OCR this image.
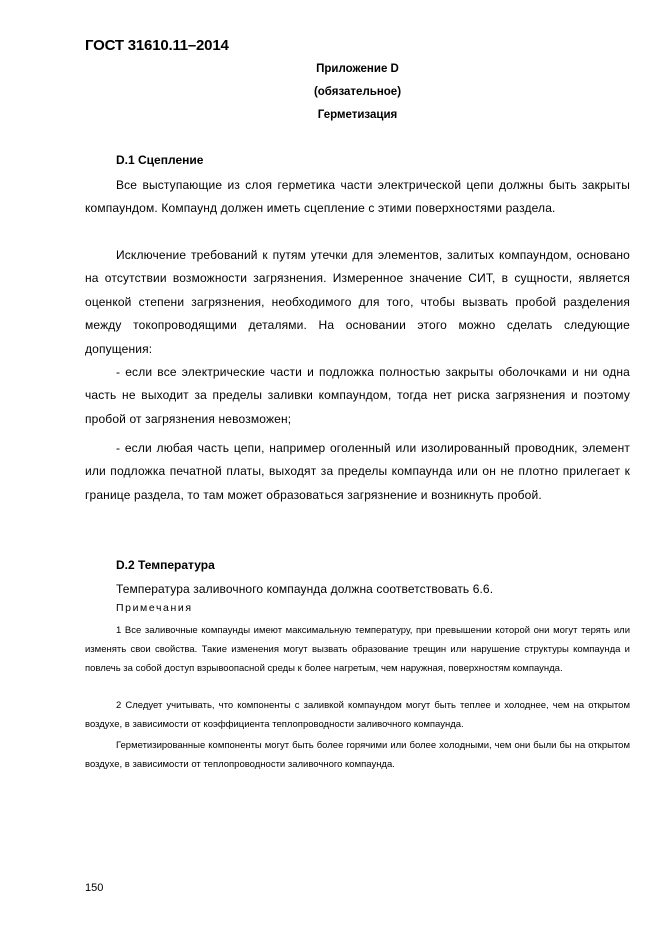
ГОСТ 31610.11–2014
Приложение D
(обязательное)
Герметизация
D.1 Сцепление

Все выступающие из слоя герметика части электрической цепи должны быть закрыты компаундом. Компаунд должен иметь сцепление с этими поверхностями раздела.

Исключение требований к путям утечки для элементов, залитых компаундом, основано на отсутствии возможности загрязнения. Измеренное значение СИТ, в сущности, является оценкой степени загрязнения, необходимого для того, чтобы вызвать пробой разделения между токопроводящими деталями. На основании этого можно сделать следующие допущения:

- если все электрические части и подложка полностью закрыты оболочками и ни одна часть не выходит за пределы заливки компаундом, тогда нет риска загрязнения и поэтому пробой от загрязнения невозможен;

- если любая часть цепи, например оголенный или изолированный проводник, элемент или подложка печатной платы, выходят за пределы компаунда или он не плотно прилегает к границе раздела, то там может образоваться загрязнение и возникнуть пробой.

D.2 Температура

Температура заливочного компаунда должна соответствовать 6.6.

Примечания

1 Все заливочные компаунды имеют максимальную температуру, при превышении которой они могут терять или изменять свои свойства. Такие изменения могут вызвать образование трещин или нарушение структуры компаунда и повлечь за собой доступ взрывоопасной среды к более нагретым, чем наружная, поверхностям компаунда.

2 Следует учитывать, что компоненты с заливкой компаундом могут быть теплее и холоднее, чем на открытом воздухе, в зависимости от коэффициента теплопроводности заливочного компаунда.

Герметизированные компоненты могут быть более горячими или более холодными, чем они были бы на открытом воздухе, в зависимости от теплопроводности заливочного компаунда.

150
